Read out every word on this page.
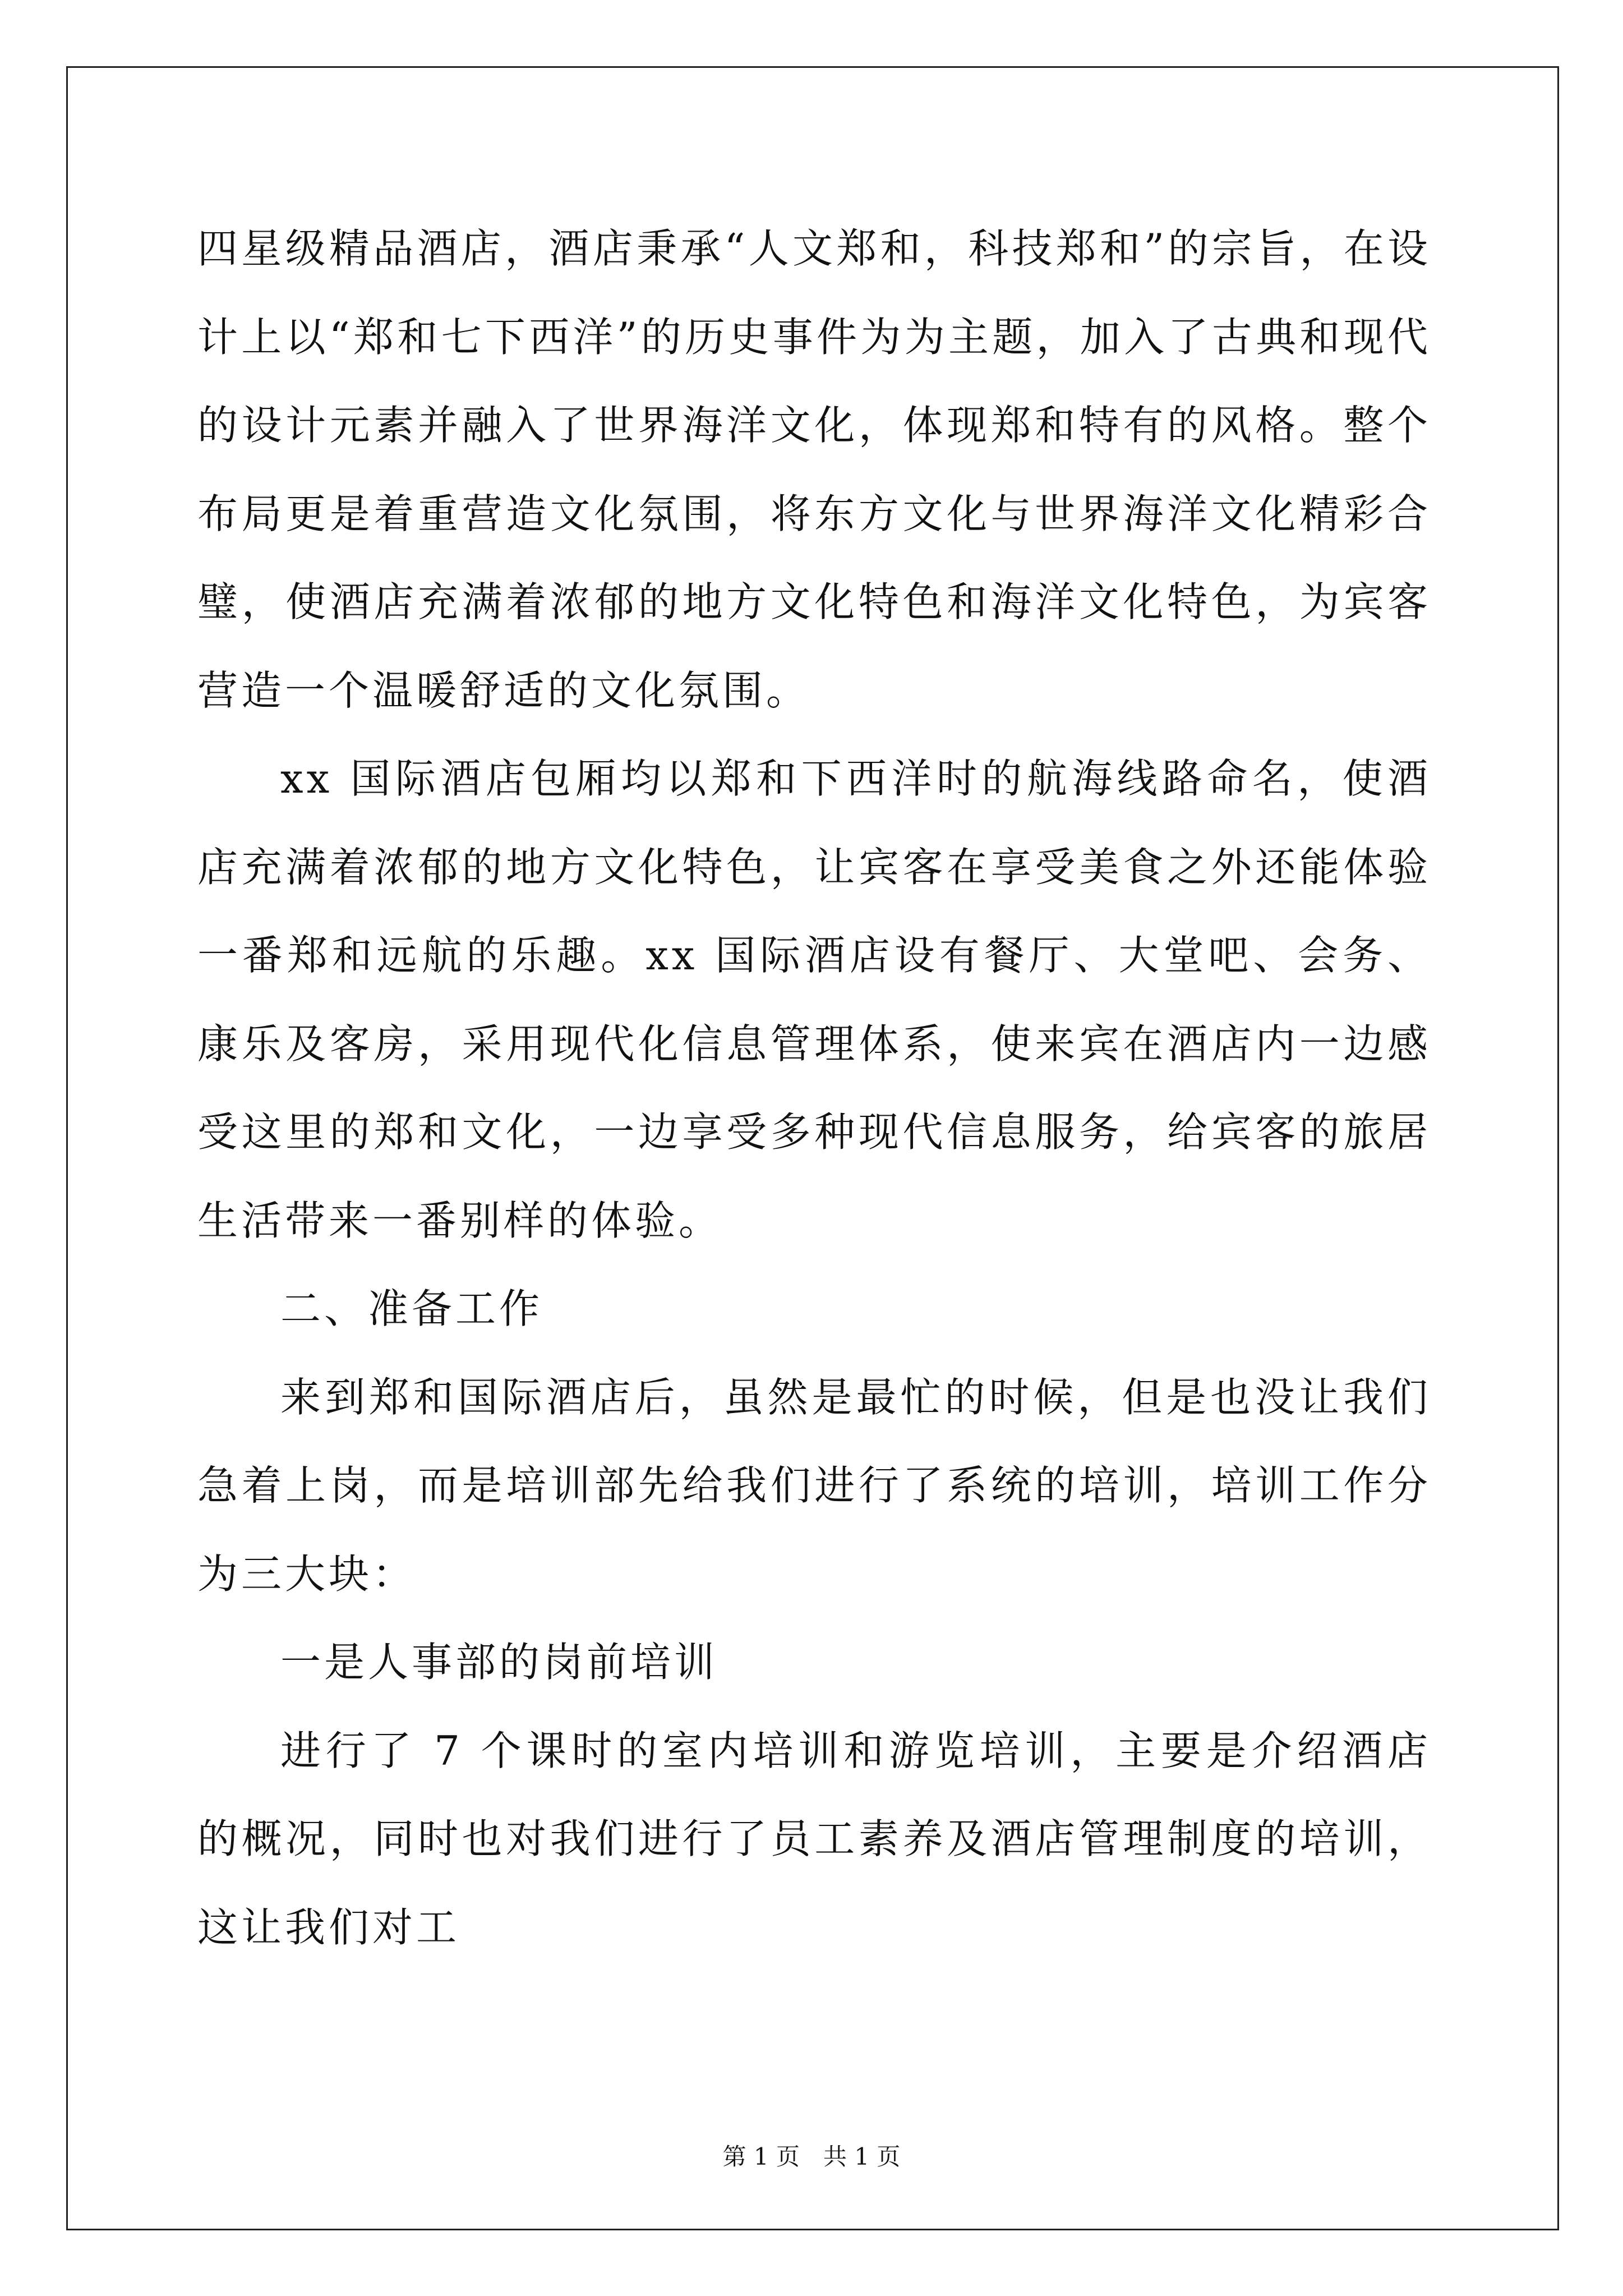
四星级精品酒店，酒店秉承“人文郑和，科技郑和”的宗旨，在设计上以“郑和七下西洋”的历史事件为为主题，加入了古典和现代的设计元素并融入了世界海洋文化，体现郑和特有的风格。整个布局更是着重营造文化氛围，将东方文化与世界海洋文化精彩合璧，使酒店充满着浓郁的地方文化特色和海洋文化特色，为宾客营造一个温暖舒适的文化氛围。

xx 国际酒店包厢均以郑和下西洋时的航海线路命名，使酒店充满着浓郁的地方文化特色，让宾客在享受美食之外还能体验一番郑和远航的乐趣。xx 国际酒店设有餐厅、大堂吧、会务、康乐及客房，采用现代化信息管理体系，使来宾在酒店内一边感受这里的郑和文化，一边享受多种现代信息服务，给宾客的旅居生活带来一番别样的体验。

二、准备工作

来到郑和国际酒店后，虽然是最忙的时候，但是也没让我们急着上岗，而是培训部先给我们进行了系统的培训，培训工作分为三大块：

一是人事部的岗前培训

进行了 7 个课时的室内培训和游览培训，主要是介绍酒店的概况，同时也对我们进行了员工素养及酒店管理制度的培训，这让我们对工

第 1 页 共 1 页
